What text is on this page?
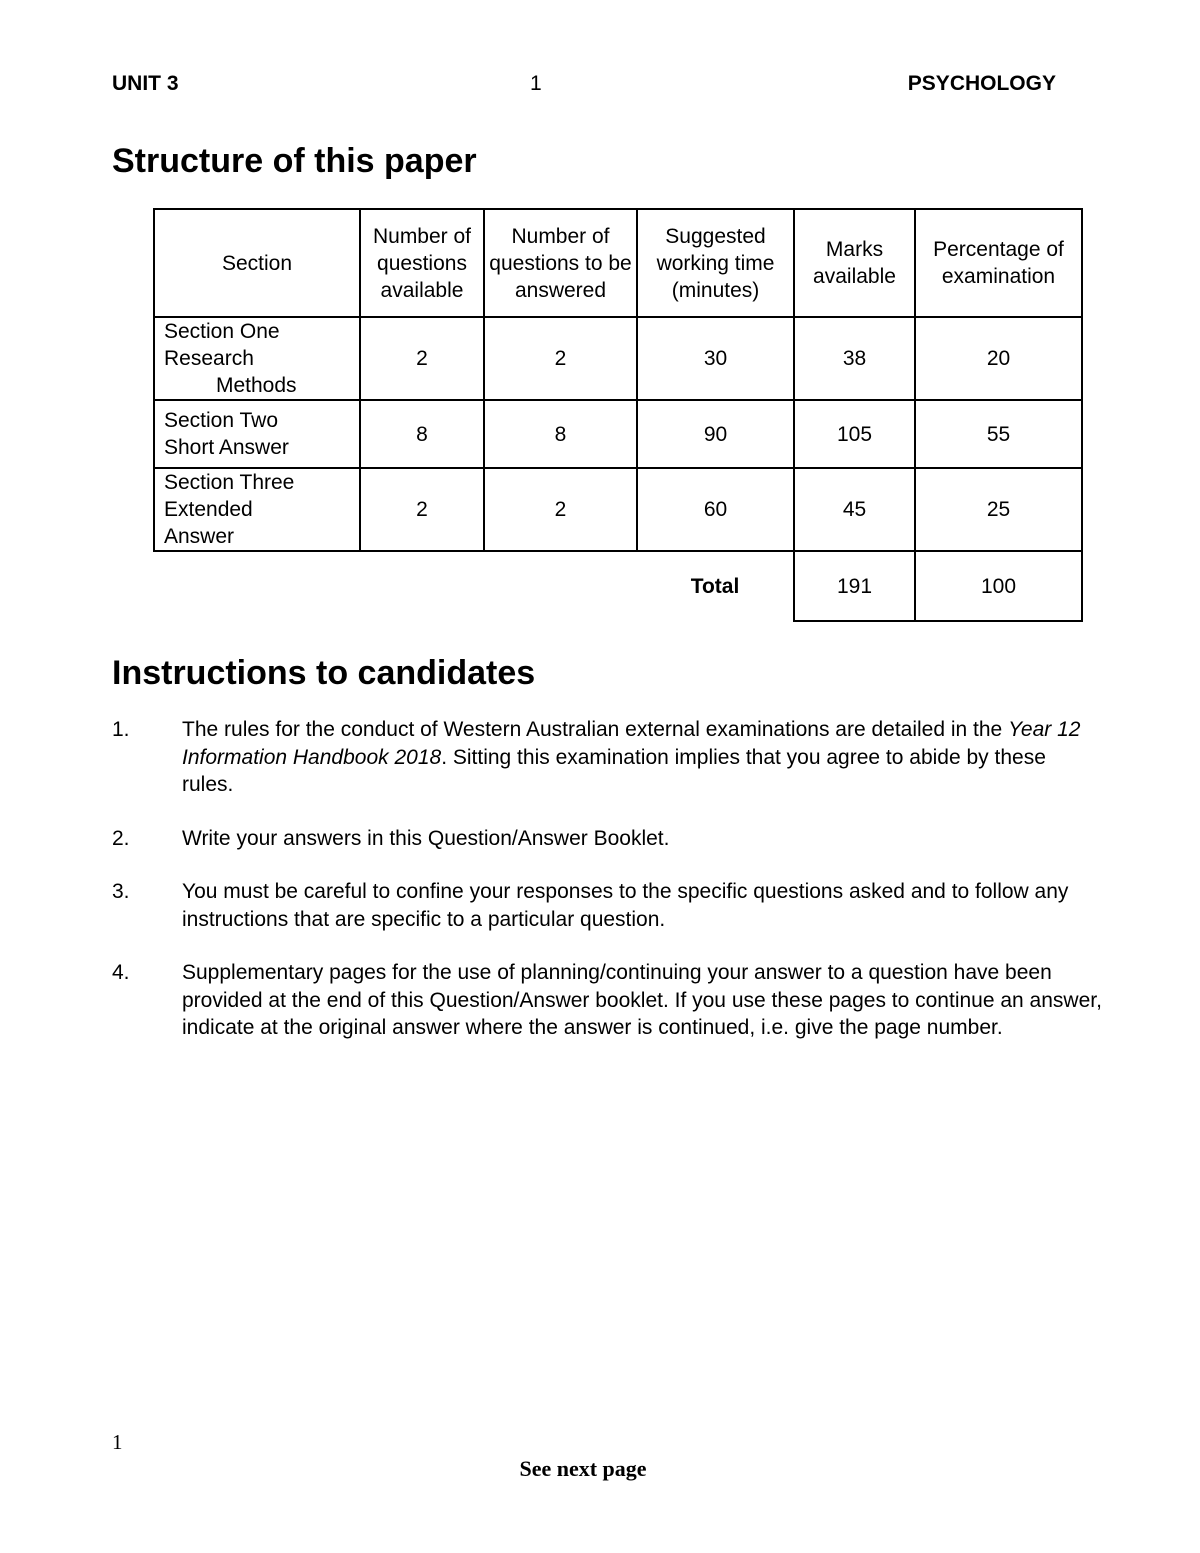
UNIT 3	1	PSYCHOLOGY
Structure of this paper
Section	Number of questions available	Number of questions to be answered	Suggested working time (minutes)	Marks available	Percentage of examination
Section One
Research
Methods	2	2	30	38	20
Section Two
Short Answer	8	8	90	105	55
Section Three
Extended
Answer	2	2	60	45	25
			Total	191	100
Instructions to candidates
1. The rules for the conduct of Western Australian external examinations are detailed in the Year 12 Information Handbook 2018. Sitting this examination implies that you agree to abide by these rules.
2. Write your answers in this Question/Answer Booklet.
3. You must be careful to confine your responses to the specific questions asked and to follow any instructions that are specific to a particular question.
4. Supplementary pages for the use of planning/continuing your answer to a question have been provided at the end of this Question/Answer booklet. If you use these pages to continue an answer, indicate at the original answer where the answer is continued, i.e. give the page number.
1
See next page
